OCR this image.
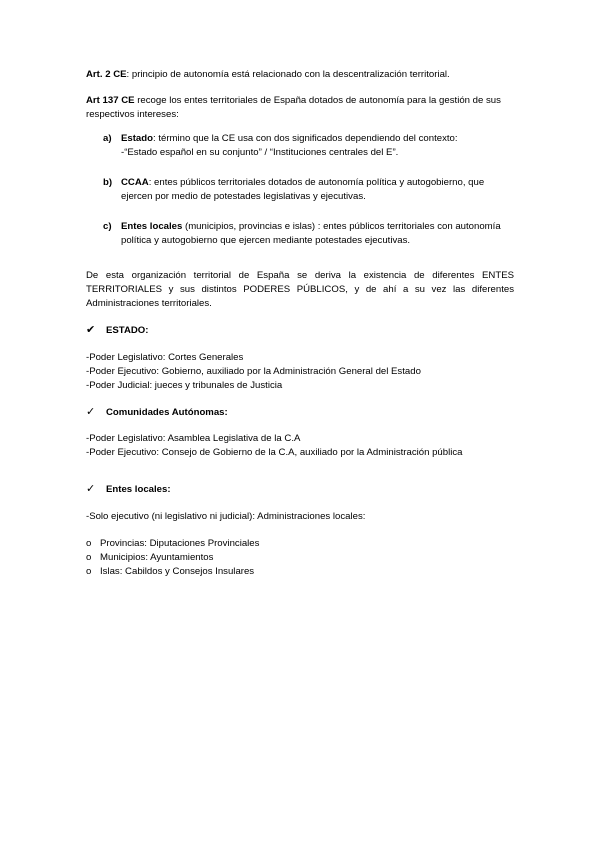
Art. 2 CE: principio de autonomía está relacionado con la descentralización territorial.

Art 137 CE recoge los entes territoriales de España dotados de autonomía para la gestión de sus respectivos intereses:

a) Estado: término que la CE usa con dos significados dependiendo del contexto:

-“Estado español en su conjunto” / “Instituciones centrales del E”.

b) CCAA: entes públicos territoriales dotados de autonomía política y autogobierno, que ejercen por medio de potestades legislativas y ejecutivas.

c) Entes locales (municipios, provincias e islas) : entes públicos territoriales con autonomía política y autogobierno que ejercen mediante potestades ejecutivas.

De esta organización territorial de España se deriva la existencia de diferentes ENTES TERRITORIALES y sus distintos PODERES PÚBLICOS, y de ahí a su vez las diferentes Administraciones territoriales.

✔ ESTADO:

-Poder Legislativo: Cortes Generales

-Poder Ejecutivo: Gobierno, auxiliado por la Administración General del Estado

-Poder Judicial: jueces y tribunales de Justicia

✓ Comunidades Autónomas:

-Poder Legislativo: Asamblea Legislativa de la C.A

-Poder Ejecutivo: Consejo de Gobierno de la C.A, auxiliado por la Administración pública

✓ Entes locales:

-Solo ejecutivo (ni legislativo ni judicial): Administraciones locales:

o Provincias: Diputaciones Provinciales
o Municipios: Ayuntamientos
o Islas: Cabildos y Consejos Insulares
